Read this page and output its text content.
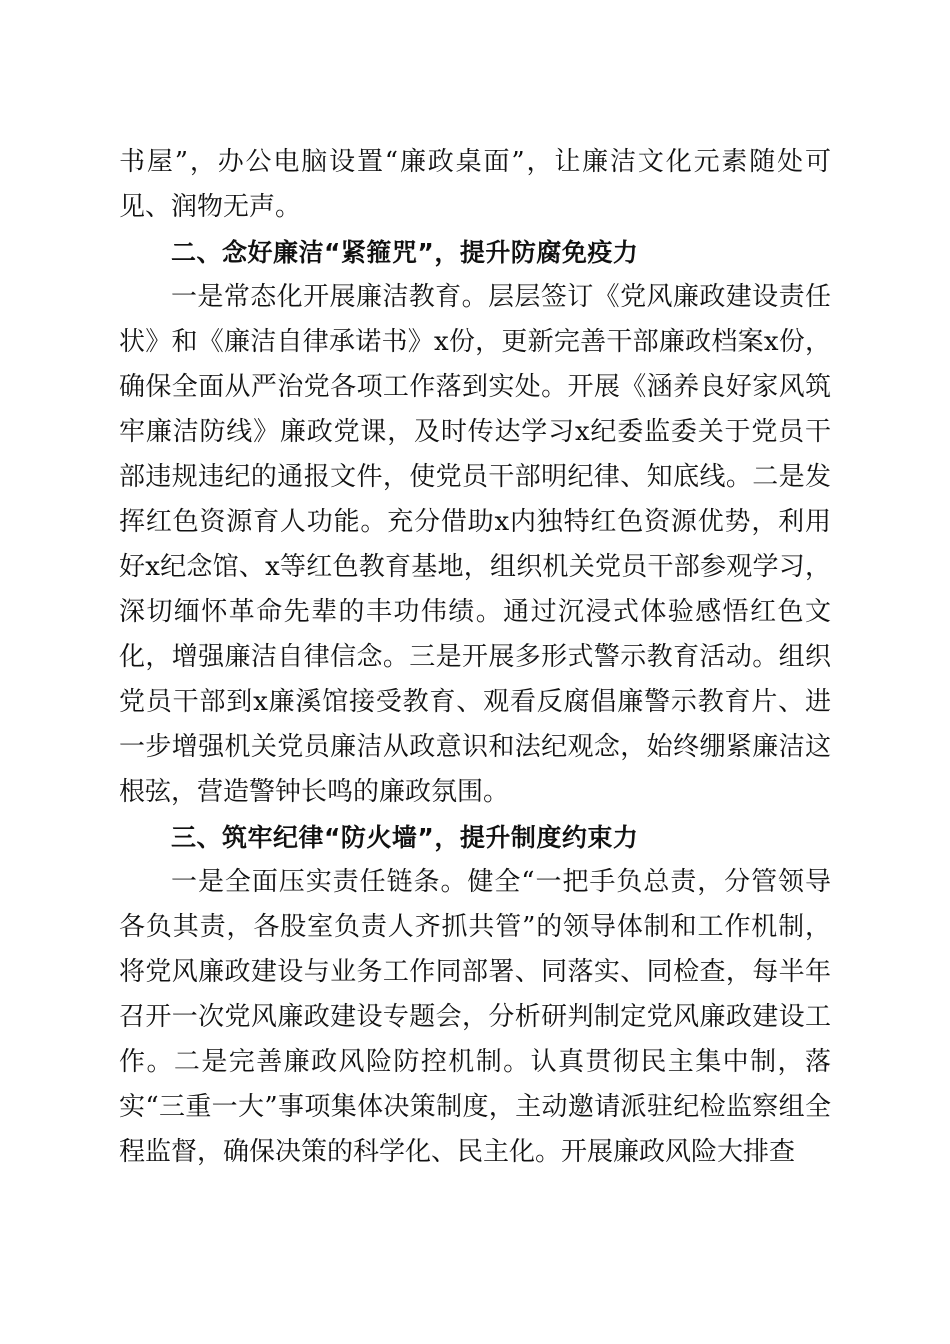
书屋”，办公电脑设置“廉政桌面”，让廉洁文化元素随处可见、润物无声。

二、念好廉洁“紧箍咒”，提升防腐免疫力

一是常态化开展廉洁教育。层层签订《党风廉政建设责任状》和《廉洁自律承诺书》x份，更新完善干部廉政档案x份，确保全面从严治党各项工作落到实处。开展《涵养良好家风筑牢廉洁防线》廉政党课，及时传达学习x纪委监委关于党员干部违规违纪的通报文件，使党员干部明纪律、知底线。二是发挥红色资源育人功能。充分借助x内独特红色资源优势，利用好x纪念馆、x等红色教育基地，组织机关党员干部参观学习，深切缅怀革命先辈的丰功伟绩。通过沉浸式体验感悟红色文化，增强廉洁自律信念。三是开展多形式警示教育活动。组织党员干部到x廉溪馆接受教育、观看反腐倡廉警示教育片、进一步增强机关党员廉洁从政意识和法纪观念，始终绷紧廉洁这根弦，营造警钟长鸣的廉政氛围。

三、筑牢纪律“防火墙”，提升制度约束力

一是全面压实责任链条。健全“一把手负总责，分管领导各负其责，各股室负责人齐抓共管”的领导体制和工作机制，将党风廉政建设与业务工作同部署、同落实、同检查，每半年召开一次党风廉政建设专题会，分析研判制定党风廉政建设工作。二是完善廉政风险防控机制。认真贯彻民主集中制，落实“三重一大”事项集体决策制度，主动邀请派驻纪检监察组全程监督，确保决策的科学化、民主化。开展廉政风险大排查
